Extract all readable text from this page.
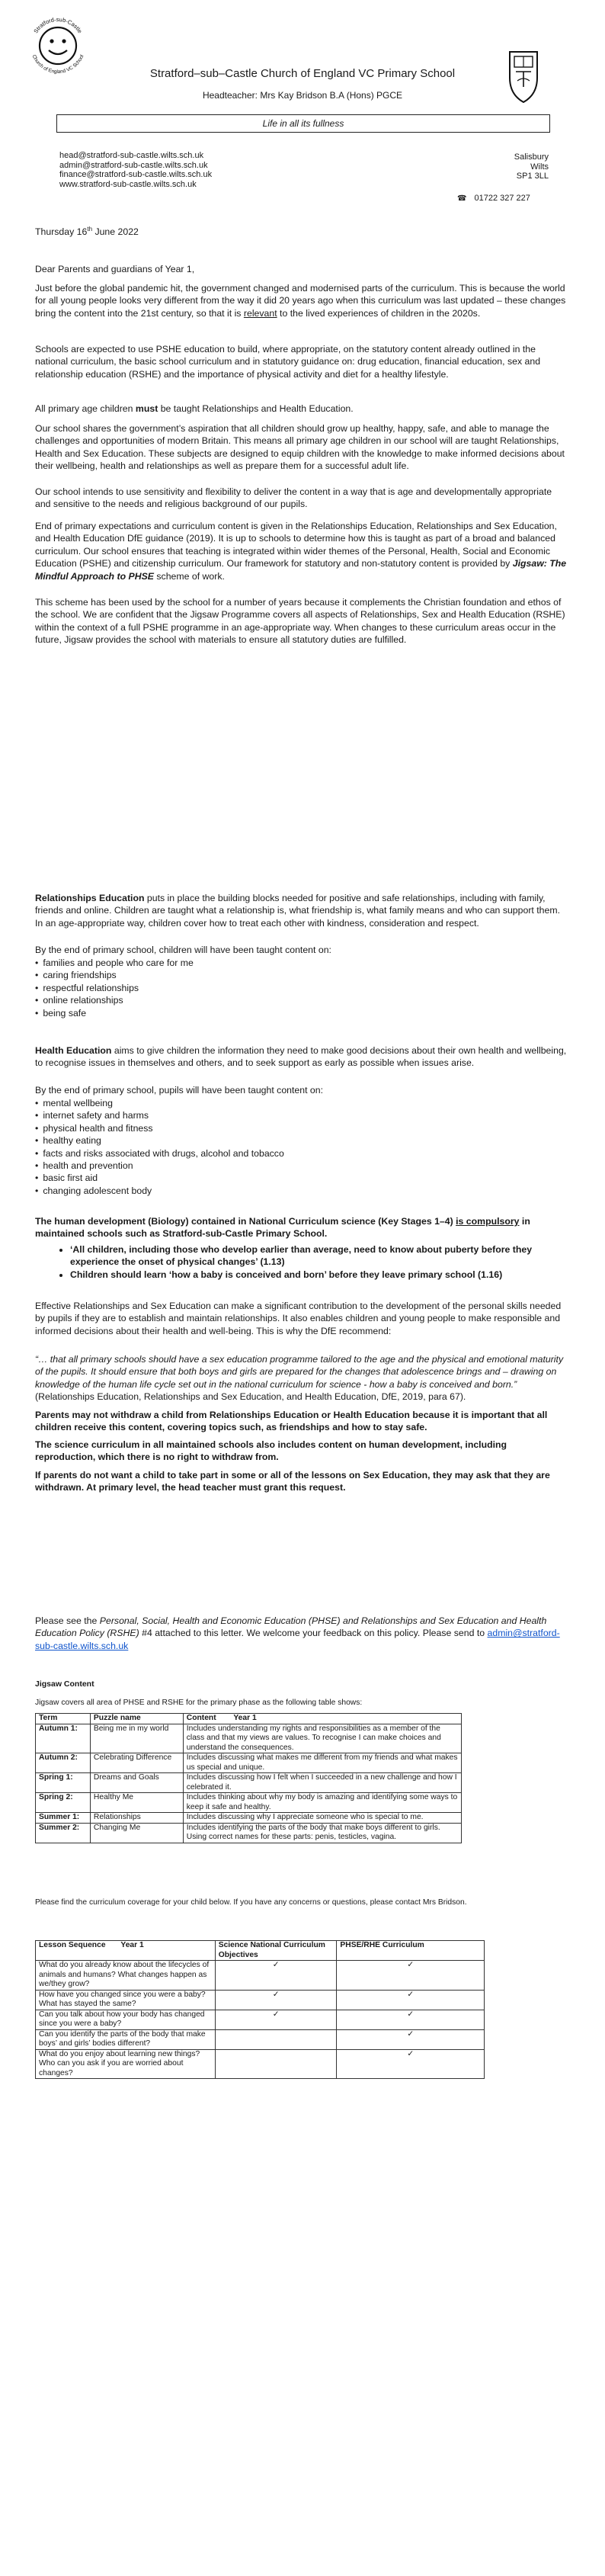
Stratford-sub-Castle
Church of England VC School
Stratford–sub–Castle Church of England VC Primary School
Headteacher: Mrs Kay Bridson B.A (Hons) PGCE
Life in all its fullness
head@stratford-sub-castle.wilts.sch.uk
admin@stratford-sub-castle.wilts.sch.uk
finance@stratford-sub-castle.wilts.sch.uk
www.stratford-sub-castle.wilts.sch.uk
Salisbury
Wilts
SP1 3LL
☎ 01722 327 227
Thursday 16th June 2022
Dear Parents and guardians of Year 1,
Just before the global pandemic hit, the government changed and modernised parts of the curriculum. This is because the world for all young people looks very different from the way it did 20 years ago when this curriculum was last updated – these changes bring the content into the 21st century, so that it is relevant to the lived experiences of children in the 2020s.
Schools are expected to use PSHE education to build, where appropriate, on the statutory content already outlined in the national curriculum, the basic school curriculum and in statutory guidance on: drug education, financial education, sex and relationship education (RSHE) and the importance of physical activity and diet for a healthy lifestyle.
All primary age children must be taught Relationships and Health Education.
Our school shares the government’s aspiration that all children should grow up healthy, happy, safe, and able to manage the challenges and opportunities of modern Britain. This means all primary age children in our school will are taught Relationships, Health and Sex Education. These subjects are designed to equip children with the knowledge to make informed decisions about their wellbeing, health and relationships as well as prepare them for a successful adult life.
Our school intends to use sensitivity and flexibility to deliver the content in a way that is age and developmentally appropriate and sensitive to the needs and religious background of our pupils.
End of primary expectations and curriculum content is given in the Relationships Education, Relationships and Sex Education, and Health Education DfE guidance (2019). It is up to schools to determine how this is taught as part of a broad and balanced curriculum. Our school ensures that teaching is integrated within wider themes of the Personal, Health, Social and Economic Education (PSHE) and citizenship curriculum. Our framework for statutory and non-statutory content is provided by Jigsaw: The Mindful Approach to PHSE scheme of work.
This scheme has been used by the school for a number of years because it complements the Christian foundation and ethos of the school. We are confident that the Jigsaw Programme covers all aspects of Relationships, Sex and Health Education (RSHE) within the context of a full PSHE programme in an age-appropriate way. When changes to these curriculum areas occur in the future, Jigsaw provides the school with materials to ensure all statutory duties are fulfilled.
Relationships Education puts in place the building blocks needed for positive and safe relationships, including with family, friends and online. Children are taught what a relationship is, what friendship is, what family means and who can support them. In an age-appropriate way, children cover how to treat each other with kindness, consideration and respect.
By the end of primary school, children will have been taught content on:
• families and people who care for me
• caring friendships
• respectful relationships
• online relationships
• being safe
Health Education aims to give children the information they need to make good decisions about their own health and wellbeing, to recognise issues in themselves and others, and to seek support as early as possible when issues arise.
By the end of primary school, pupils will have been taught content on:
• mental wellbeing
• internet safety and harms
• physical health and fitness
• healthy eating
• facts and risks associated with drugs, alcohol and tobacco
• health and prevention
• basic first aid
• changing adolescent body
The human development (Biology) contained in National Curriculum science (Key Stages 1–4) is compulsory in maintained schools such as Stratford-sub-Castle Primary School.
• ‘All children, including those who develop earlier than average, need to know about puberty before they experience the onset of physical changes’ (1.13)
• Children should learn ‘how a baby is conceived and born’ before they leave primary school (1.16)
Effective Relationships and Sex Education can make a significant contribution to the development of the personal skills needed by pupils if they are to establish and maintain relationships. It also enables children and young people to make responsible and informed decisions about their health and well-being. This is why the DfE recommend:
“… that all primary schools should have a sex education programme tailored to the age and the physical and emotional maturity of the pupils. It should ensure that both boys and girls are prepared for the changes that adolescence brings and – drawing on knowledge of the human life cycle set out in the national curriculum for science - how a baby is conceived and born.” (Relationships Education, Relationships and Sex Education, and Health Education, DfE, 2019, para 67).
Parents may not withdraw a child from Relationships Education or Health Education because it is important that all children receive this content, covering topics such, as friendships and how to stay safe.
The science curriculum in all maintained schools also includes content on human development, including reproduction, which there is no right to withdraw from.
If parents do not want a child to take part in some or all of the lessons on Sex Education, they may ask that they are withdrawn. At primary level, the head teacher must grant this request.
Please see the Personal, Social, Health and Economic Education (PHSE) and Relationships and Sex Education and Health Education Policy (RSHE) #4 attached to this letter. We welcome your feedback on this policy. Please send to admin@stratford-sub-castle.wilts.sch.uk
Jigsaw Content
Jigsaw covers all area of PHSE and RSHE for the primary phase as the following table shows:
Term	Puzzle name	Content        Year 1
Autumn 1:	Being me in my world	Includes understanding my rights and responsibilities as a member of the class and that my views are values. To recognise I can make choices and understand the consequences.
Autumn 2:	Celebrating Difference	Includes discussing what makes me different from my friends and what makes us special and unique.
Spring 1:	Dreams and Goals	Includes discussing how I felt when I succeeded in a new challenge and how I celebrated it.
Spring 2:	Healthy Me	Includes thinking about why my body is amazing and identifying some ways to keep it safe and healthy.
Summer 1:	Relationships	Includes discussing why I appreciate someone who is special to me.
Summer 2:	Changing Me	Includes identifying the parts of the body that make boys different to girls. Using correct names for these parts: penis, testicles, vagina.
Please find the curriculum coverage for your child below. If you have any concerns or questions, please contact Mrs Bridson.
Lesson Sequence       Year 1	Science National Curriculum Objectives	PHSE/RHE Curriculum
What do you already know about the lifecycles of animals and humans? What changes happen as we/they grow?	✓	✓
How have you changed since you were a baby? What has stayed the same?	✓	✓
Can you talk about how your body has changed since you were a baby?	✓	✓
Can you identify the parts of the body that make boys’ and girls’ bodies different?		✓
What do you enjoy about learning new things? Who can you ask if you are worried about changes?		✓
